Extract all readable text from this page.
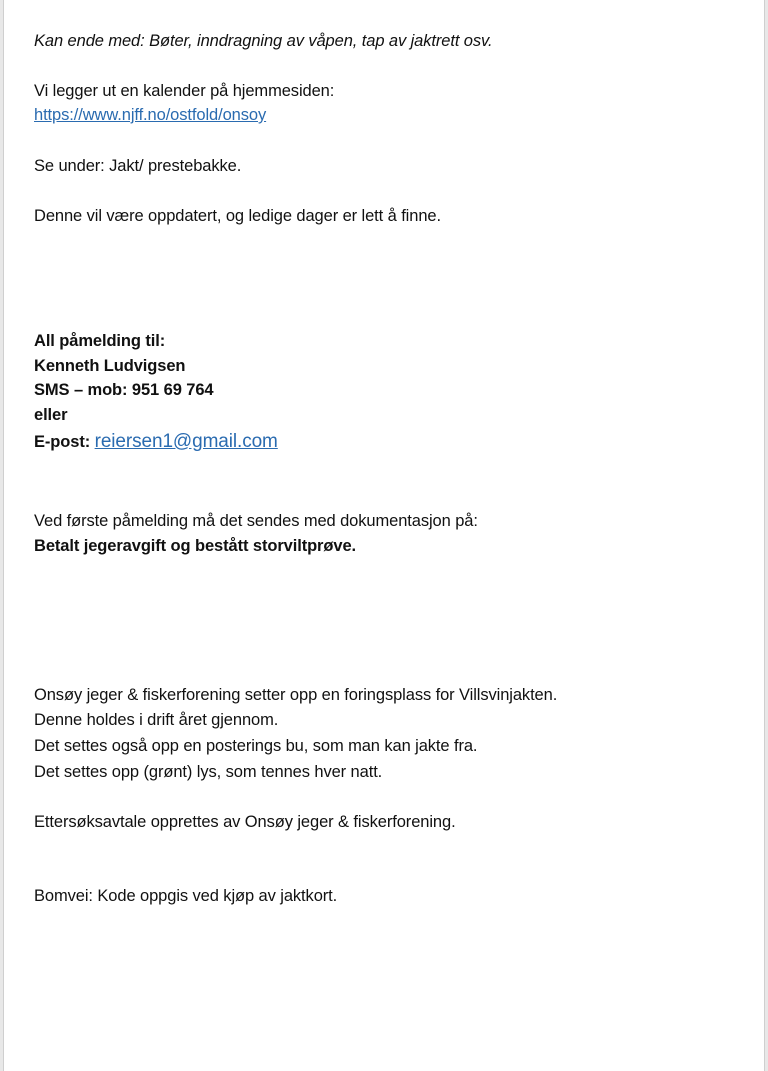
Kan ende med: Bøter, inndragning av våpen, tap av jaktrett osv.
Vi legger ut en kalender på hjemmesiden:
https://www.njff.no/ostfold/onsoy
Se under: Jakt/ prestebakke.
Denne vil være oppdatert, og ledige dager er lett å finne.
All påmelding til:
Kenneth Ludvigsen
SMS – mob: 951 69 764
eller
E-post: reiersen1@gmail.com
Ved første påmelding må det sendes med dokumentasjon på:
Betalt jegeravgift og bestått storviltprøve.
Onsøy jeger & fiskerforening setter opp en foringsplass for Villsvinjakten.
Denne holdes i drift året gjennom.
Det settes også opp en posterings bu, som man kan jakte fra.
Det settes opp (grønt) lys, som tennes hver natt.
Ettersøksavtale opprettes av Onsøy jeger & fiskerforening.
Bomvei: Kode oppgis ved kjøp av jaktkort.
